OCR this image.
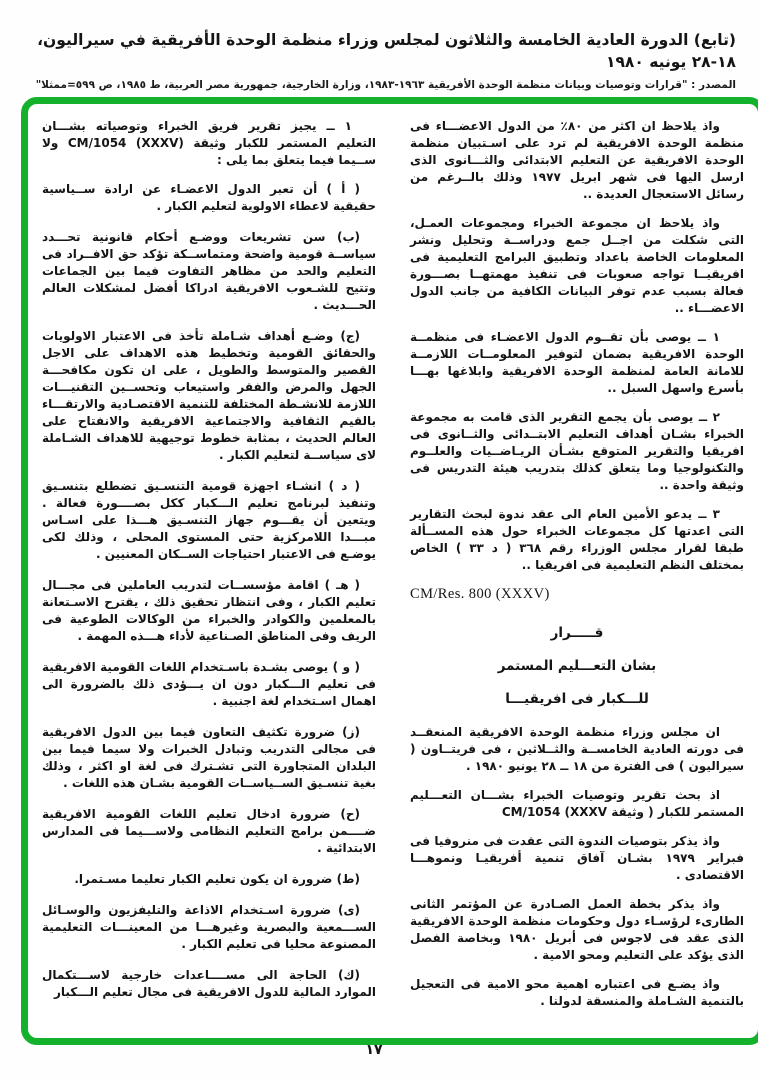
(تابع) الدورة العادية الخامسة والثلاثون لمجلس وزراء منظمة الوحدة الأفريقية في سيراليون، ١٨-٢٨ يونيه ١٩٨٠
المصدر : "قرارات وتوصيات وبيانات منظمة الوحدة الأفريقية ١٩٦٣-١٩٨٣، وزارة الخارجية، جمهورية مصر العربية، ط ١٩٨٥، ص ٥٩٩=ممثلا"

واذ يلاحظ ان اكثر من ٨٠٪ من الدول الاعضـــاء فى منظمة الوحدة الافريقية لم ترد على اسـتبيان منظمة الوحدة الافريقية عن التعليم الابتدائى والثـــانوى الذى ارسل اليها فى شهر ابريل ١٩٧٧ وذلك بالــرغم من رسائل الاستعجال العديدة ..

واذ يلاحظ ان مجموعة الخبراء ومجموعات العمـل، التى شكلت من اجــل جمع ودراســة وتحليل ونشر المعلومات الخاصة باعداد وتطبيق البرامج التعليمية فى افريقيــا تواجه صعوبات فى تنفيذ مهمتهــا بصـــورة فعالة بسبب عدم توفر البيانات الكافية من جانب الدول الاعضـــاء ..

١ ــ يوصى بأن تقــوم الدول الاعضـاء فى منظمــة الوحدة الافريقية بضمان لتوفير المعلومــات اللازمــة للامانة العامة لمنظمة الوحدة الافريقية وابلاغها بهـــا بأسرع واسهل السبل ..

٢ ــ يوصى بأن يجمع التقرير الذى قامت به مجموعة الخبراء بشـان أهداف التعليم الابتــدائى والثــانوى فى افريقيا والتقرير المتوقع بشـأن الريـاضــيات والعلــوم والتكنولوجيا وما يتعلق كذلك بتدريب هيئة التدريس فى وثيقة واحدة ..

٣ ــ يدعو الأمين العام الى عقد ندوة لبحث التقارير التى اعدتها كل مجموعات الخبراء حول هذه المســألة طبقا لقرار مجلس الوزراء رقم ٣٦٨ ( د ٣٣ ) الخاص بمختلف النظم التعليمية فى افريقيا ..

CM/Res. 800 (XXXV)

قـــــرار

بشان التعـــليم المستمر

للـــكبار فى افريقيـــا

ان مجلس وزراء منظمة الوحدة الافريقية المنعقــد فى دورته العادية الخامســة والثــلاثين ، فى فريتــاون ( سيراليون ) فى الفترة من ١٨ ــ ٢٨ يونيو ١٩٨٠ .

اذ بحث تقرير وتوصيات الخبراء بشـــان التعـــليم المستمر للكبار ( وثيقة CM/1054 (XXXV

واذ يذكر بتوصيات الندوة التى عقدت فى منروفيا فى فبراير ١٩٧٩ بشـان آفاق تنمية أفريقيـا ونموهـــا الاقتصادى .

واذ يذكر بخطة العمل الصـادرة عن المؤتمر الثانى الطارىء لرؤسـاء دول وحكومات منظمة الوحدة الافريقية الذى عقد فى لاجوس فى أبريل ١٩٨٠ وبخاصة الفصل الذى يؤكد على التعليم ومحو الامية .

واذ يضـع فى اعتباره اهمية محو الامية فى التعجيل بالتنمية الشـاملة والمنسقة لدولنا .

١ ــ يجيز تقرير فريق الخبراء وتوصياته بشـــان التعليم المستمر للكبار وثيقة CM/1054 (XXXV) ولا ســيما فيما يتعلق بما يلى :

( أ ) أن تعبر الدول الاعضـاء عن ارادة ســياسية حقيقية لاعطاء الاولوية لتعليم الكبار .

(ب) سن تشريعات ووضـع أحكام قانونية تحـــدد سياســة قومية واضحة ومتماســكة تؤكد حق الافــراد فى التعليم والحد من مظاهر التفاوت فيما بين الجماعات وتتيح للشـعوب الافريقية ادراكا أفضل لمشكلات العالم الحـــديث .

(ج) وضـع أهداف شـاملة تأخذ فى الاعتبار الاولويات والحقائق القومية وتخطيط هذه الاهداف على الاجل القصير والمتوسط والطويل ، على ان تكون مكافحـــة الجهل والمرض والفقر واستيعاب وتحســين التقنيـــات اللازمة للانشـطة المختلفة للتنمية الاقتصـادية والارتقـــاء بالقيم الثقافية والاجتماعية الافريقية والانفتاح على العالم الحديث ، بمثابة خطوط توجيهية للاهداف الشـاملة لاى سياســة لتعليم الكبار .

( د ) انشـاء اجهزة قومية التنسـيق تضطلع بتنسـيق وتنفيذ لبرنامج تعليم الـــكبار ككل بصــــورة فعالة . ويتعين أن يقـــوم جهاز التنسـيق هـــذا على اسـاس مبـــدا اللامركزية حتى المستوى المحلى ، وذلك لكى يوضـع فى الاعتبار احتياجات الســكان المعنيين .

( هـ ) اقامة مؤسســات لتدريب العاملين فى مجـــال تعليم الكبار ، وفى انتظار تحقيق ذلك ، يقترح الاسـتعانة بالمعلمين والكوادر والخبراء من الوكالات الطوعية فى الريف وفى المناطق الصـناعية لأداء هـــذه المهمة .

( و ) يوصى بشـدة باسـتخدام اللغات القومية الافريقية فى تعليم الـــكبار دون ان يـــؤدى ذلك بالضرورة الى اهمال اسـتخدام لغة اجنبية .

(ز) ضرورة تكثيف التعاون فيما بين الدول الافريقية فى مجالى التدريب وتبادل الخبرات ولا سيما فيما بين البلدان المتجاورة التى تشـترك فى لغة او اكثر ، وذلك بغية تنسـيق الســياســات القومية بشـان هذه اللغات .

(ح) ضرورة ادخال تعليم اللغات القومية الافريقية ضــــمن برامج التعليم النظامى ولاســـيما فى المدارس الابتدائية .

(ط) ضرورة ان يكون تعليم الكبار تعليما مسـتمرا.

(ى) ضرورة اسـتخدام الاذاعة والتليفزيون والوسـائل الســـمعية والبصرية وغيرهـــا من المعينـــات التعليمية المصنوعة محليا فى تعليم الكبار .

(ك) الحاجة الى مســــاعدات خارجية لاســـتكمال الموارد المالية للدول الافريقية فى مجال تعليم الـــكبار

١٧
